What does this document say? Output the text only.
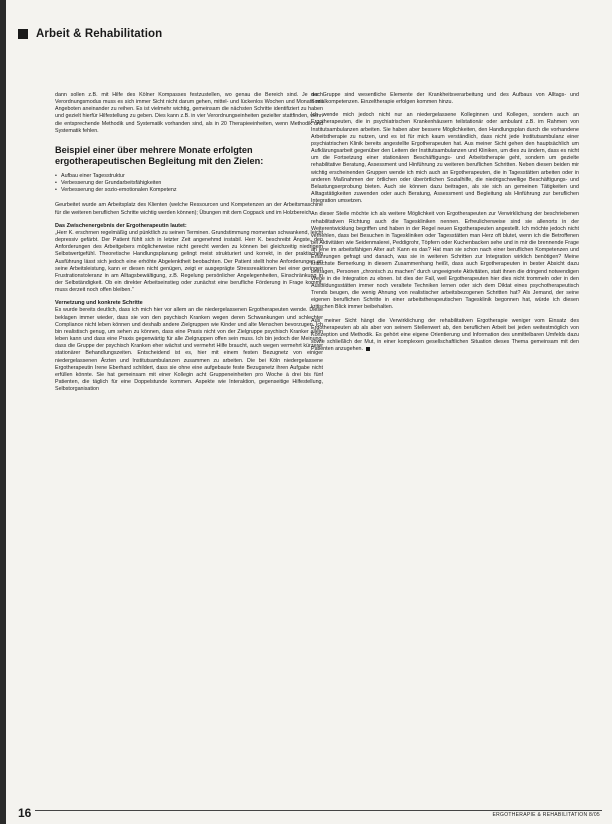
Arbeit & Rehabilitation

dann sollen z.B. mit Hilfe des Kölner Kompasses festzustellen, wo genau die Bereich sind. Je nach Verordnungsmodus muss es sich immer Sicht nicht darum gehen, mittel- und lückenlos Wochen und Monate mit Angeboten aneinander zu reihen. Es ist vielmehr wichtig, gemeinsam die nächsten Schritte identifiziert zu haben und gezielt hierfür Hilfestellung zu geben. Dies kann z.B. in vier Verordnungseinheiten gezielter stattfinden, wenn die entsprechende Methodik und Systematik vorhanden sind, als in 20 Therapieeinheiten, wenn Methodik und Systematik fehlen.

Beispiel einer über mehrere Monate erfolgten ergotherapeutischen Begleitung mit den Zielen:
• Aufbau einer Tagesstruktur
• Verbesserung der Grundarbeitsfähigkeiten
• Verbesserung der sozio-emotionalen Kompetenz

Geurbeitet wurde am Arbeitsplatz des Klienten (welche Ressourcen und Kompetenzen an der Arbeitsmaschine für die weiteren beruflichen Schritte wichtig werden können); Übungen mit dem Cogpack und im Holzbereich.

Das Zwischenergebnis der Ergotherapeutin lautet:

„Herr K. erschrnen regelmäßig und pünktlich zu seinen Terminen. Grundstimmung momentan schwankend, leicht depressiv gefärbt. Der Patient fühlt sich in letzter Zeit angenehmd instabil. Herr K. beschreibt Ängste, den Anforderungen des Arbeitgebers möglicherweise nicht gerecht werden zu können bei gleichzeitig niedrigem Selbstwertgefühl. Theoretische Handlungsplanung gelingt meist strukturiert und korrekt, in der praktischen Ausführung lässt sich jedoch eine erhöhte Abgelenktheit beobachten. Der Patient stellt hohe Anforderungen an seine Arbeitsleistung, kann er diesen nicht genügen, zeigt er ausgeprägte Stressreaktionen bei einer geringen Frustrationstoleranz in am Alltagsbewältigung, z.B. Regelung persönlicher Angelegenheiten, Einschränkung in der Selbständigkeit. Ob ein direkter Arbeitseinstieg oder zunächst eine berufliche Förderung in Frage kommt, muss derzeit noch offen bleiben.“

Vernetzung und konkrete Schritte

Es wurde bereits deutlich, dass ich mich hier vor allem an die niedergelassenen Ergotherapeuten wende. Diese beklagen immer wieder, dass sie von den psychisch Kranken wegen deren Schwankungen und schlechter Compliance nicht leben können und deshalb andere Zielgruppen wie Kinder und alte Menschen bevorzugen. Ich bin realistisch genug, um sehen zu können, dass eine Praxis nicht von der Zielgruppe psychisch Kranker allein leben kann und dass eine Praxis gegenwärtig für alle Zielgruppen offen sein muss. Ich bin jedoch der Meinung, dass die Gruppe der psychisch Kranken eher wächst und vermehrt Hilfe braucht, auch wegen vermehrt kürzerer stationärer Behandlungszeiten. Entscheidend ist es, hier mit einem festen Bezugnetz von einiger niedergelassenen Ärzten und Institutsambulanzen zusammen zu arbeiten. Die bei Köln niedergelassene Ergotherapeutin Irene Eberhard schildert, dass sie ohne eine aufgebaute feste Bezugsnetz ihren Aufgabe nicht erfüllen könnte. Sie hat gemeinsam mit einer Kollegin acht Gruppeneinheiten pro Woche à drei bis fünf Patienten, die täglich für eine Doppelstunde kommen. Aspekte wie Interaktion, gegenseitige Hilfestellung, Selbstorganisation

der Gruppe sind wesentliche Elemente der Krankheitsverarbeitung und des Aufbaus von Alltags- und Sozialkompetenzen. Einzeltherapie erfolgen kommen hinzu.

Ich wende mich jedoch nicht nur an niedergelassene Kolleginnen und Kollegen, sondern auch an Ergotherapeuten, die in psychiatrischen Krankenhäusern teilstationär oder ambulant z.B. im Rahmen von Institutsambulanzen arbeiten. Sie haben aber bessere Möglichkeiten, den Handlungsplan durch die vorhandene Arbeitstherapie zu nutzen, und es ist für mich kaum verständlich, dass nicht jede Institutsambulanz einer psychiatrischen Klinik bereits angestellte Ergotherapeuten hat. Aus meiner Sicht gehen den hauptsächlich um Aufklärungsarbeit gegenüber den Leitern der Institutsambulanzen und Kliniken, um dies zu ändern, dass es nicht um die Fortsetzung einer stationären Beschäftigungs- und Arbeitstherapie geht, sondern um gezielte rehabilitative Beratung, Assessment und Hinführung zu weiteren beruflichen Schritten. Neben diesen beiden mir wichtig erscheinenden Gruppen wende ich mich auch an Ergotherapeuten, die in Tagesstätten arbeiten oder in anderen Maßnahmen der örtlichen oder überörtlichen Sozialhilfe, die niedrigschwellige Beschäftigungs- und Belastungserprobung bieten. Auch sie können dazu beitragen, als sie sich an gemeinen Tätigkeiten und Alltagstätigkeiten zuwenden oder auch Beratung, Assessment und Begleitung als Hinführung zur beruflichen Integration umsetzen.

An dieser Stelle möchte ich als weitere Möglichkeit von Ergotherapeuten zur Verwirklichung der beschriebenen rehabilitativen Richtung auch die Tageskliniken nennen. Erfreulicherweise sind sie allenorts in der Weiterentwicklung begriffen und haben in der Regel neuen Ergotherapeuten angestellt. Ich möchte jedoch nicht verhehlen, dass bei Besuchen in Tageskliniken oder Tagesstätten man Herz oft blutet, wenn ich die Betroffenen bei Aktivitäten wie Seidenmalerei, Peddigrohr, Töpfern oder Kuchenbacken sehe und in mir die brennende Frage an jene im arbeitsfähigen Alter auf: Kann es das? Hat man sie schon nach einer beruflichen Kompetenzen und Erfahrungen gefragt und danach, was sie in weiteren Schritten zur Integration wirklich benötigen? Meine kritischste Bemerkung in diesem Zusammenhang heißt, dass auch Ergotherapeuten in bester Absicht dazu beitragen, Personen „chronisch zu machen“ durch ungeeignete Aktivitäten, statt ihnen die dringend notwendigen Wege in die Integration zu ebnen. Ist dies der Fall, weil Ergotherapeuten hier dies nicht trommeln oder in den Ausbildungsstätten immer noch veraltete Techniken lernen oder sich dem Diktat eines psychotherapeutisch Trends beugen, die wenig Ahnung von realistischer arbeitsbezogenen Schritten hat? Als Jemand, der seine eigenen beruflichen Schritte in einer arbeitstherapeutischen Tagesklinik begonnen hat, würde ich diesen kritischen Blick immer beibehalten.

Aus meiner Sicht hängt die Verwirklichung der rehabilitativen Ergotherapie weniger vom Einsatz des Ergotherapeuten ab als aber von seinem Stellenwert ab, den beruflichen Arbeit bei jeden weitestmöglich von Konzeption und Methodik. Es gehört eine eigene Orientierung und Information des unmittelbaren Umfelds dazu sowie schließlich der Mut, in einer komplexen gesellschaftlichen Situation dieses Thema gemeinsam mit den Patienten anzugehen.

16	ERGOTHERAPIE & REHABILITATION 8/05
